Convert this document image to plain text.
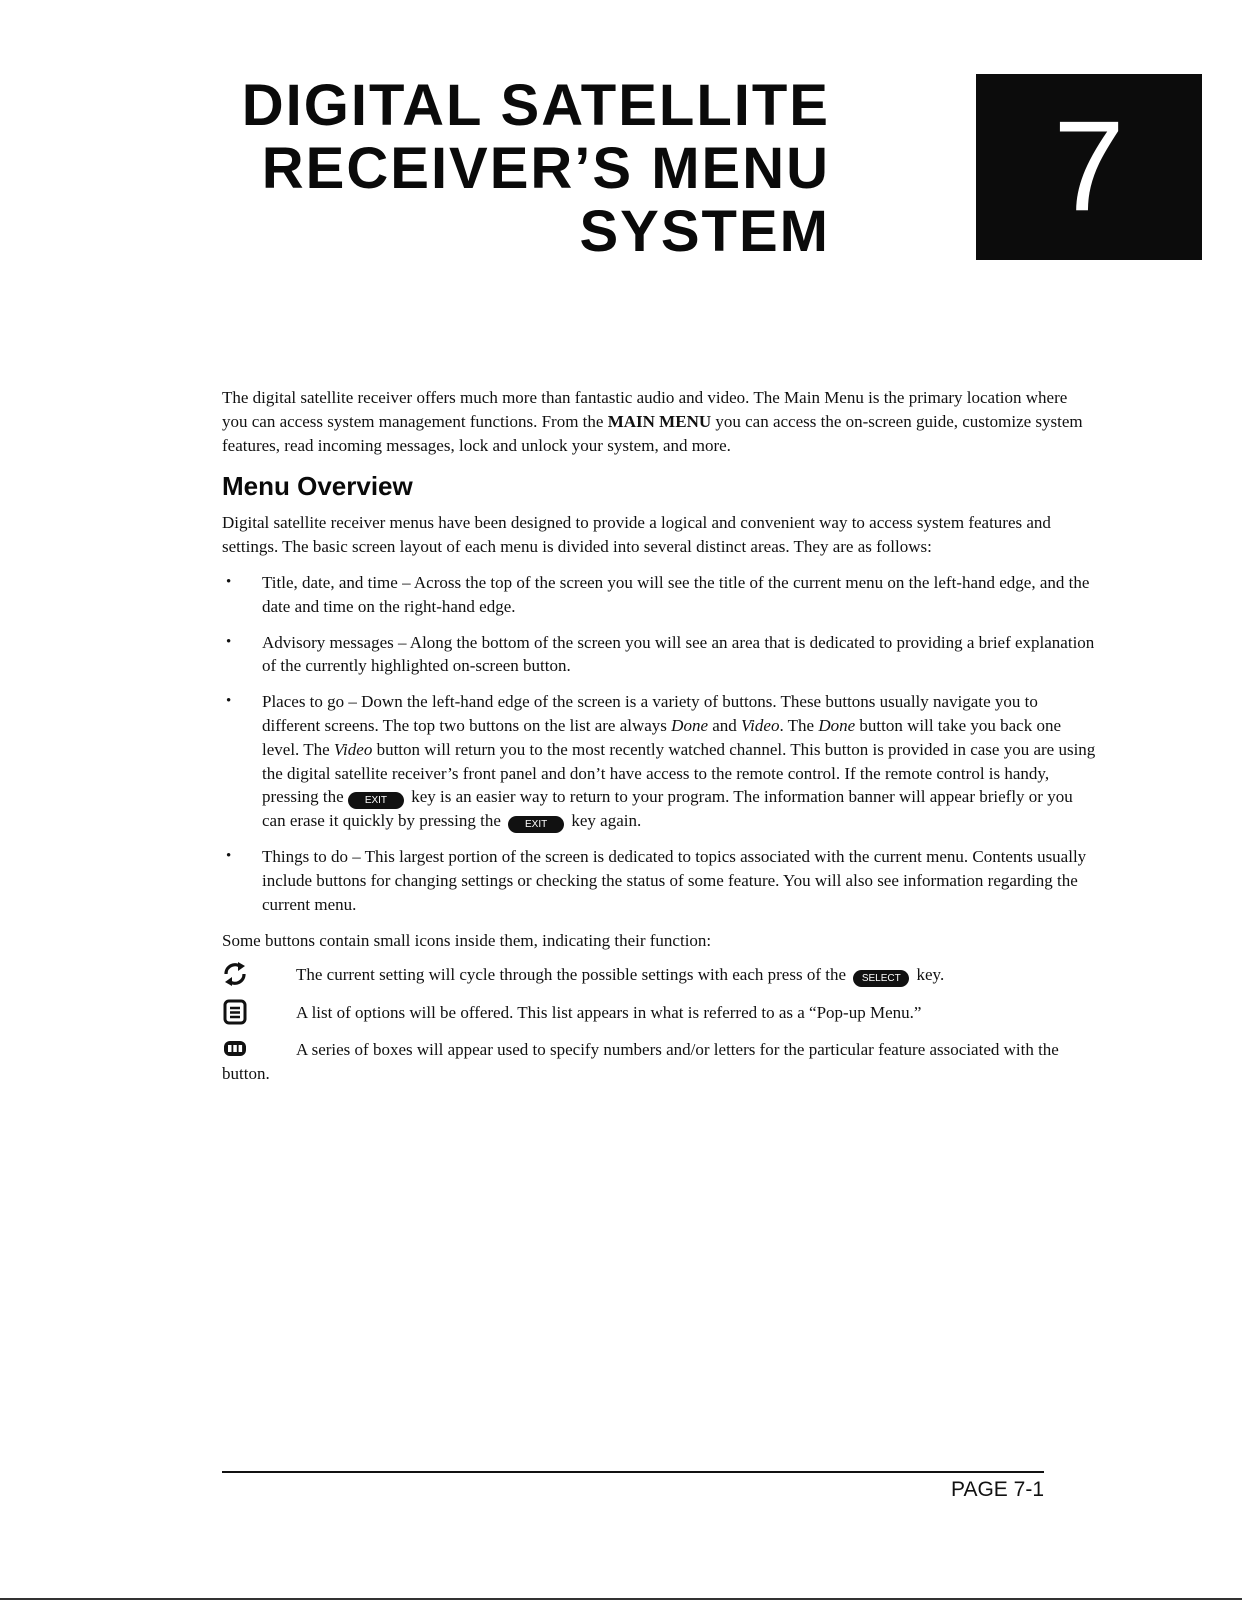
DIGITAL SATELLITE
RECEIVER’S MENU
SYSTEM 7

The digital satellite receiver offers much more than fantastic audio and video. The Main Menu is the primary location where you can access system management functions. From the MAIN MENU you can access the on-screen guide, customize system features, read incoming messages, lock and unlock your system, and more.

Menu Overview

Digital satellite receiver menus have been designed to provide a logical and convenient way to access system features and settings. The basic screen layout of each menu is divided into several distinct areas. They are as follows:

• Title, date, and time – Across the top of the screen you will see the title of the current menu on the left-hand edge, and the date and time on the right-hand edge.
• Advisory messages – Along the bottom of the screen you will see an area that is dedicated to providing a brief explanation of the currently highlighted on-screen button.
• Places to go – Down the left-hand edge of the screen is a variety of buttons. These buttons usually navigate you to different screens. The top two buttons on the list are always Done and Video. The Done button will take you back one level. The Video button will return you to the most recently watched channel. This button is provided in case you are using the digital satellite receiver’s front panel and don’t have access to the remote control. If the remote control is handy, pressing the EXIT key is an easier way to return to your program. The information banner will appear briefly or you can erase it quickly by pressing the EXIT key again.
• Things to do – This largest portion of the screen is dedicated to topics associated with the current menu. Contents usually include buttons for changing settings or checking the status of some feature. You will also see information regarding the current menu.

Some buttons contain small icons inside them, indicating their function:

The current setting will cycle through the possible settings with each press of the SELECT key.
A list of options will be offered. This list appears in what is referred to as a “Pop-up Menu.”
A series of boxes will appear used to specify numbers and/or letters for the particular feature associated with the button.
PAGE 7-1
